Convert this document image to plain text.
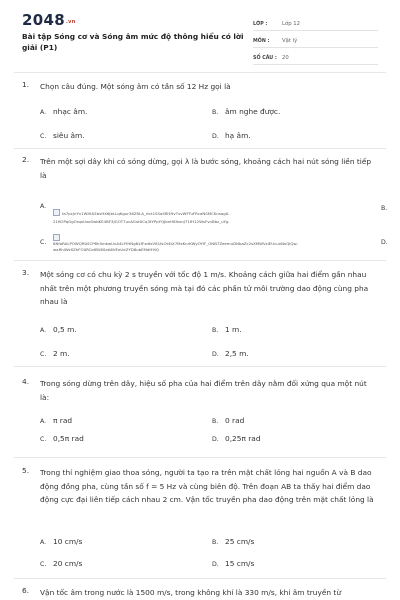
2048.vn
Bài tập Sóng cơ và Sóng âm mức độ thông hiểu có lời giải (P1)
LỚP :	Lớp 12
MÔN :	Vật lý
SỐ CÂU : 20
1. Chọn câu đúng. Một sóng âm có tần số 12 Hz gọi là

A. nhạc âm.	B. âm nghe được.
C. siêu âm.	D. hạ âm.
2. Trên một sợi dây khi có sóng dừng, gọi λ là bước sóng, khoảng cách hai nút sóng liền tiếp là

A.
fa7pcJnYv1WlHA5bvHX6JeLLqKgur36ZfiLA_rtct1SSaSflIE9vTxvWFTuFRcaNSMCKnsag0-
21fiOPqGgOrqxUxoSwbKE4BF3JGOT7ucAGut0Cq3tYPpYQJbnH8lhxnJT1fH12WsFvnBbz_uYg
B.
C.	8NfoRALPOWQR0SCP6h5mkwUvA4LfYHNgNLfFzdtsV81fsOt4tX7MzKnrKWyOYIF_ONB7ZeemuDNbaZc2sXMWVzlEUcuxNxQIQw-
waRhlWzSZhFO0RCotBV6SeA6VEeUeZYD8ubEMdH9iQ
D.
3. Một sóng cơ có chu kỳ 2 s truyền với tốc độ 1 m/s. Khoảng cách giữa hai điểm gần nhau nhất trên một phương truyền sóng mà tại đó các phần tử môi trường dao động cùng pha nhau là

A. 0,5 m.	B. 1 m.
C. 2 m.	D. 2,5 m.
4. Trong sóng dừng trên dây, hiệu số pha của hai điểm trên dây nằm đối xứng qua một nút là:

A. π rad	B. 0 rad
C. 0,5π rad	D. 0,25π rad
5. Trong thí nghiệm giao thoa sóng, người ta tạo ra trên mặt chất lỏng hai nguồn A và B dao động đồng pha, cùng tần số f = 5 Hz và cùng biên độ. Trên đoạn AB ta thấy hai điểm dao động cực đại liên tiếp cách nhau 2 cm. Vận tốc truyền pha dao động trên mặt chất lỏng là

A. 10 cm/s	B. 25 cm/s
C. 20 cm/s	D. 15 cm/s
6. Vận tốc âm trong nước là 1500 m/s, trong không khí là 330 m/s, khi âm truyền từ
